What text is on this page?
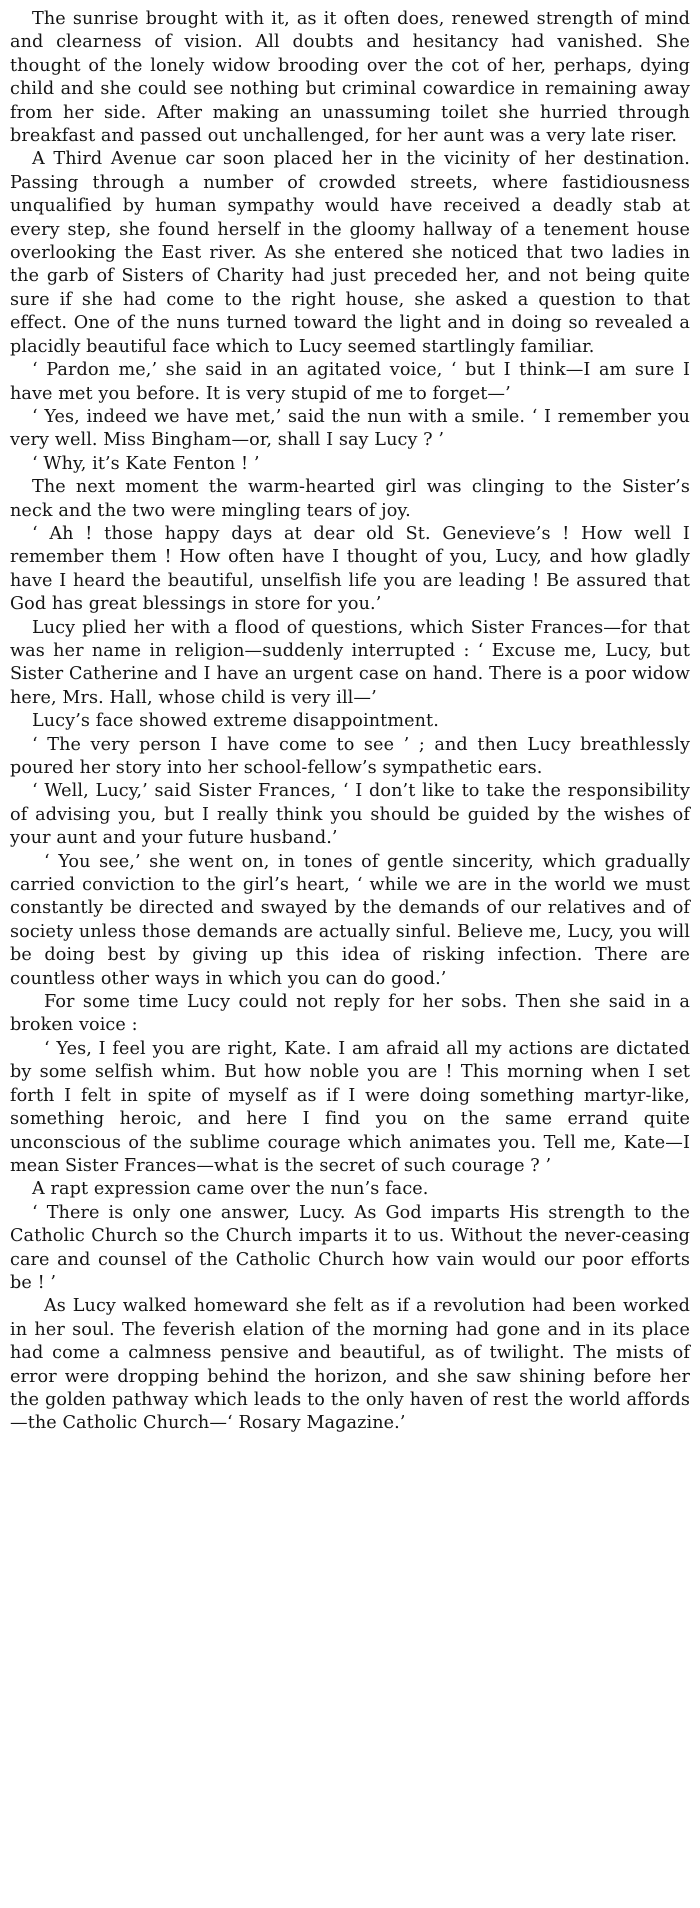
The sunrise brought with it, as it often does, renewed strength of mind and clearness of vision. All doubts and hesitancy had vanished. She thought of the lonely widow brooding over the cot of her, perhaps, dying child and she could see nothing but criminal cowardice in remaining away from her side. After making an unassuming toilet she hurried through breakfast and passed out unchallenged, for her aunt was a very late riser.

A Third Avenue car soon placed her in the vicinity of her destination. Passing through a number of crowded streets, where fastidiousness unqualified by human sympathy would have received a deadly stab at every step, she found herself in the gloomy hallway of a tenement house overlooking the East river. As she entered she noticed that two ladies in the garb of Sisters of Charity had just preceded her, and not being quite sure if she had come to the right house, she asked a question to that effect. One of the nuns turned toward the light and in doing so revealed a placidly beautiful face which to Lucy seemed startlingly familiar.

‘ Pardon me,’ she said in an agitated voice, ‘ but I think—I am sure I have met you before. It is very stupid of me to forget—’

‘ Yes, indeed we have met,’ said the nun with a smile. ‘ I remember you very well. Miss Bingham—or, shall I say Lucy ? ’

‘ Why, it’s Kate Fenton ! ’

The next moment the warm-hearted girl was clinging to the Sister’s neck and the two were mingling tears of joy.

‘ Ah ! those happy days at dear old St. Genevieve’s ! How well I remember them ! How often have I thought of you, Lucy, and how gladly have I heard the beautiful, unselfish life you are leading ! Be assured that God has great blessings in store for you.’

Lucy plied her with a flood of questions, which Sister Frances—for that was her name in religion—suddenly interrupted : ‘ Excuse me, Lucy, but Sister Catherine and I have an urgent case on hand. There is a poor widow here, Mrs. Hall, whose child is very ill—’

Lucy’s face showed extreme disappointment.

‘ The very person I have come to see ’ ; and then Lucy breathlessly poured her story into her school-fellow’s sympathetic ears.

‘ Well, Lucy,’ said Sister Frances, ‘ I don’t like to take the responsibility of advising you, but I really think you should be guided by the wishes of your aunt and your future husband.’

‘ You see,’ she went on, in tones of gentle sincerity, which gradually carried conviction to the girl’s heart, ‘ while we are in the world we must constantly be directed and swayed by the demands of our relatives and of society unless those demands are actually sinful. Believe me, Lucy, you will be doing best by giving up this idea of risking infection. There are countless other ways in which you can do good.’

For some time Lucy could not reply for her sobs. Then she said in a broken voice :

‘ Yes, I feel you are right, Kate. I am afraid all my actions are dictated by some selfish whim. But how noble you are ! This morning when I set forth I felt in spite of myself as if I were doing something martyr-like, something heroic, and here I find you on the same errand quite unconscious of the sublime courage which animates you. Tell me, Kate—I mean Sister Frances—what is the secret of such courage ? ’

A rapt expression came over the nun’s face.

‘ There is only one answer, Lucy. As God imparts His strength to the Catholic Church so the Church imparts it to us. Without the never-ceasing care and counsel of the Catholic Church how vain would our poor efforts be ! ’

As Lucy walked homeward she felt as if a revolution had been worked in her soul. The feverish elation of the morning had gone and in its place had come a calmness pensive and beautiful, as of twilight. The mists of error were dropping behind the horizon, and she saw shining before her the golden pathway which leads to the only haven of rest the world affords—the Catholic Church—‘ Rosary Magazine.’
